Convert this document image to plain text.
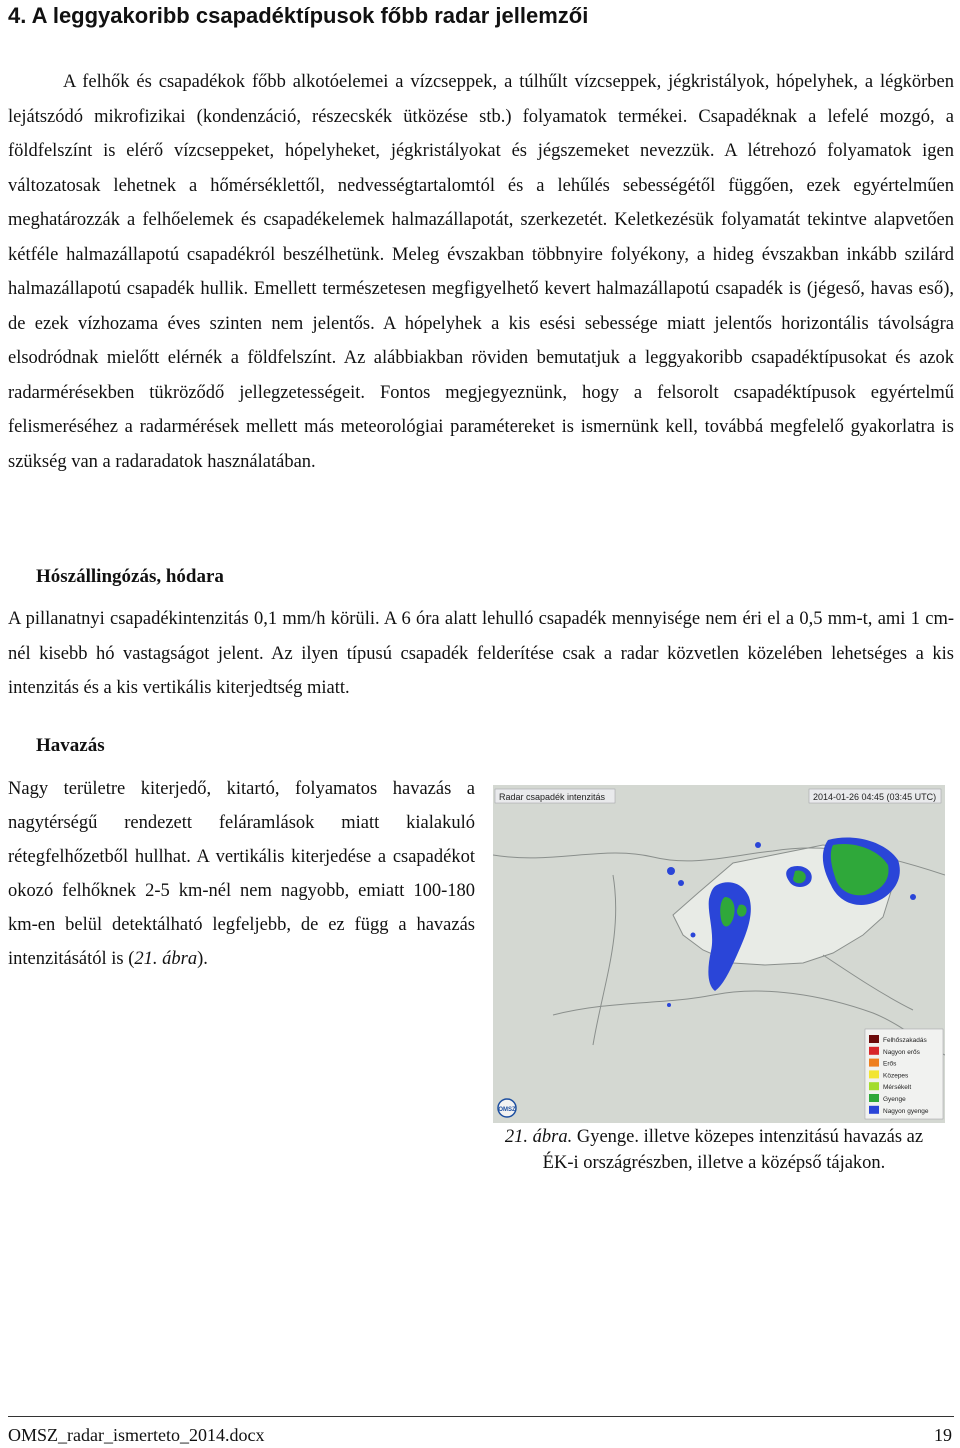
4. A leggyakoribb csapadéktípusok főbb radar jellemzői

A felhők és csapadékok főbb alkotóelemei a vízcseppek, a túlhűlt vízcseppek, jégkristályok, hópelyhek, a légkörben lejátszódó mikrofizikai (kondenzáció, részecskék ütközése stb.) folyamatok termékei. Csapadéknak a lefelé mozgó, a földfelszínt is elérő vízcseppeket, hópelyheket, jégkristályokat és jégszemeket nevezzük. A létrehozó folyamatok igen változatosak lehetnek a hőmérséklettől, nedvességtartalomtól és a lehűlés sebességétől függően, ezek egyértelműen meghatározzák a felhőelemek és csapadékelemek halmazállapotát, szerkezetét. Keletkezésük folyamatát tekintve alapvetően kétféle halmazállapotú csapadékról beszélhetünk. Meleg évszakban többnyire folyékony, a hideg évszakban inkább szilárd halmazállapotú csapadék hullik. Emellett természetesen megfigyelhető kevert halmazállapotú csapadék is (jégeső, havas eső), de ezek vízhozama éves szinten nem jelentős. A hópelyhek a kis esési sebessége miatt jelentős horizontális távolságra elsodródnak mielőtt elérnék a földfelszínt. Az alábbiakban röviden bemutatjuk a leggyakoribb csapadéktípusokat és azok radarmérésekben tükröződő jellegzetességeit. Fontos megjegyeznünk, hogy a felsorolt csapadéktípusok egyértelmű felismeréséhez a radarmérések mellett más meteorológiai paramétereket is ismernünk kell, továbbá megfelelő gyakorlatra is szükség van a radaradatok használatában.

Hószállingózás, hódara

A pillanatnyi csapadékintenzitás 0,1 mm/h körüli. A 6 óra alatt lehulló csapadék mennyisége nem éri el a 0,5 mm-t, ami 1 cm-nél kisebb hó vastagságot jelent. Az ilyen típusú csapadék felderítése csak a radar közvetlen közelében lehetséges a kis intenzitás és a kis vertikális kiterjedtség miatt.

Havazás

Nagy területre kiterjedő, kitartó, folyamatos havazás a nagytérségű rendezett feláramlások miatt kialakuló rétegfelhőzetből hullhat. A vertikális kiterjedése a csapadékot okozó felhőknek 2-5 km-nél nem nagyobb, emiatt 100-180 km-en belül detektálható legfeljebb, de ez függ a havazás intenzitásától is (21. ábra).

Radar csapadék intenzitás	2014-01-26 04:45 (03:45 UTC)
Felhőszakadás
Nagyon erős
Erős
Közepes
Mérsékelt
Gyenge
Nagyon gyenge
OMSZ

21. ábra. Gyenge. illetve közepes intenzitású havazás az ÉK-i országrészben, illetve a középső tájakon.

OMSZ_radar_ismerteto_2014.docx	19
